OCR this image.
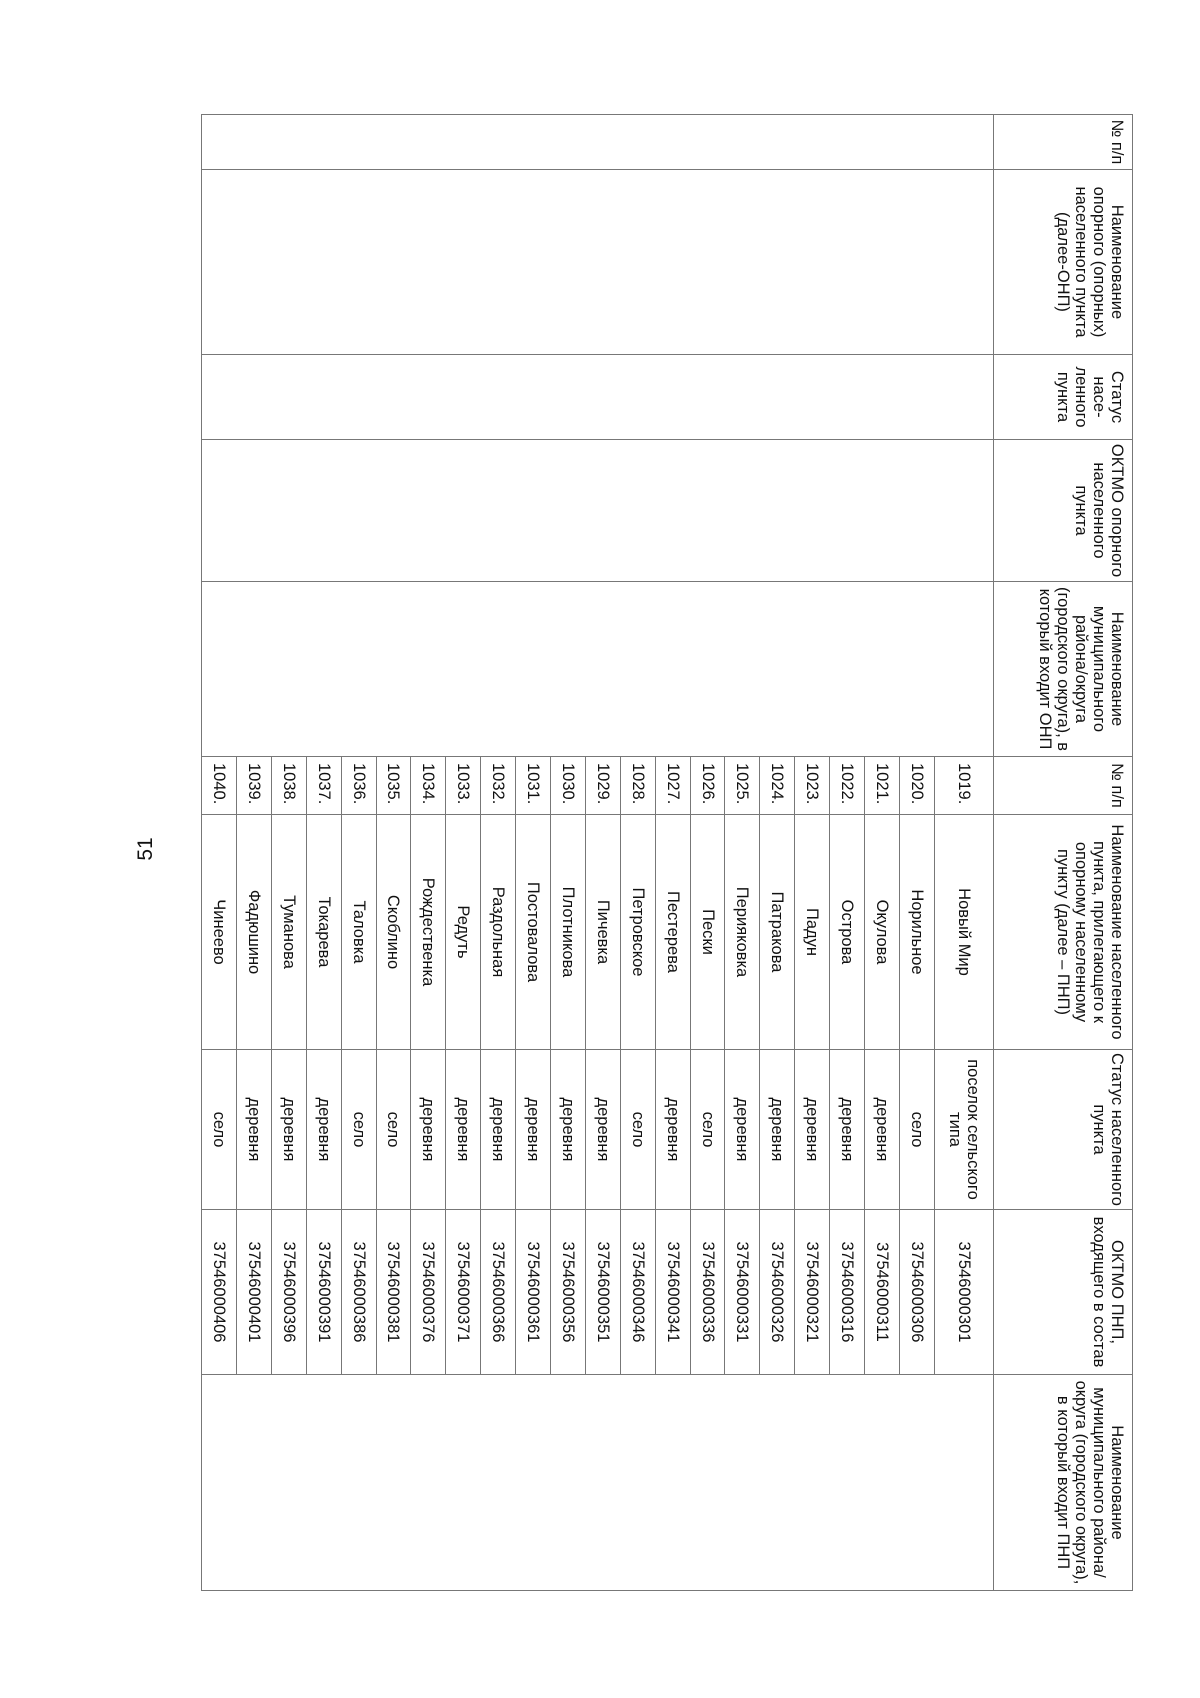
51
№ п/п	Наименование опорного (опорных) населенного пункта (далее-ОНП)	Статус насе-ленного пункта	ОКТМО опорного населенного пункта	Наименование муниципального района/округа (городского округа), в который входит ОНП	№ п/п	Наименование населенного пункта, прилегающего к опорному населенному пункту (далее – ПНП)	Статус населенного пункта	ОКТМО ПНП, входящего в состав	Наименование муниципального района/округа (городского округа), в который входит ПНП
					1019.	Новый Мир	поселок сельского типа	37546000301	
					1020.	Норильное	село	37546000306	
					1021.	Окулова	деревня	37546000311	
					1022.	Острова	деревня	37546000316	
					1023.	Падун	деревня	37546000321	
					1024.	Патракова	деревня	37546000326	
					1025.	Перияковка	деревня	37546000331	
					1026.	Пески	село	37546000336	
					1027.	Пестерева	деревня	37546000341	
					1028.	Петровское	село	37546000346	
					1029.	Пичевка	деревня	37546000351	
					1030.	Плотникова	деревня	37546000356	
					1031.	Постовалова	деревня	37546000361	
					1032.	Раздольная	деревня	37546000366	
					1033.	Редуть	деревня	37546000371	
					1034.	Рождественка	деревня	37546000376	
					1035.	Скоблино	село	37546000381	
					1036.	Таловка	село	37546000386	
					1037.	Токарева	деревня	37546000391	
					1038.	Туманова	деревня	37546000396	
					1039.	Фадюшино	деревня	37546000401	
					1040.	Чинеево	село	37546000406	
